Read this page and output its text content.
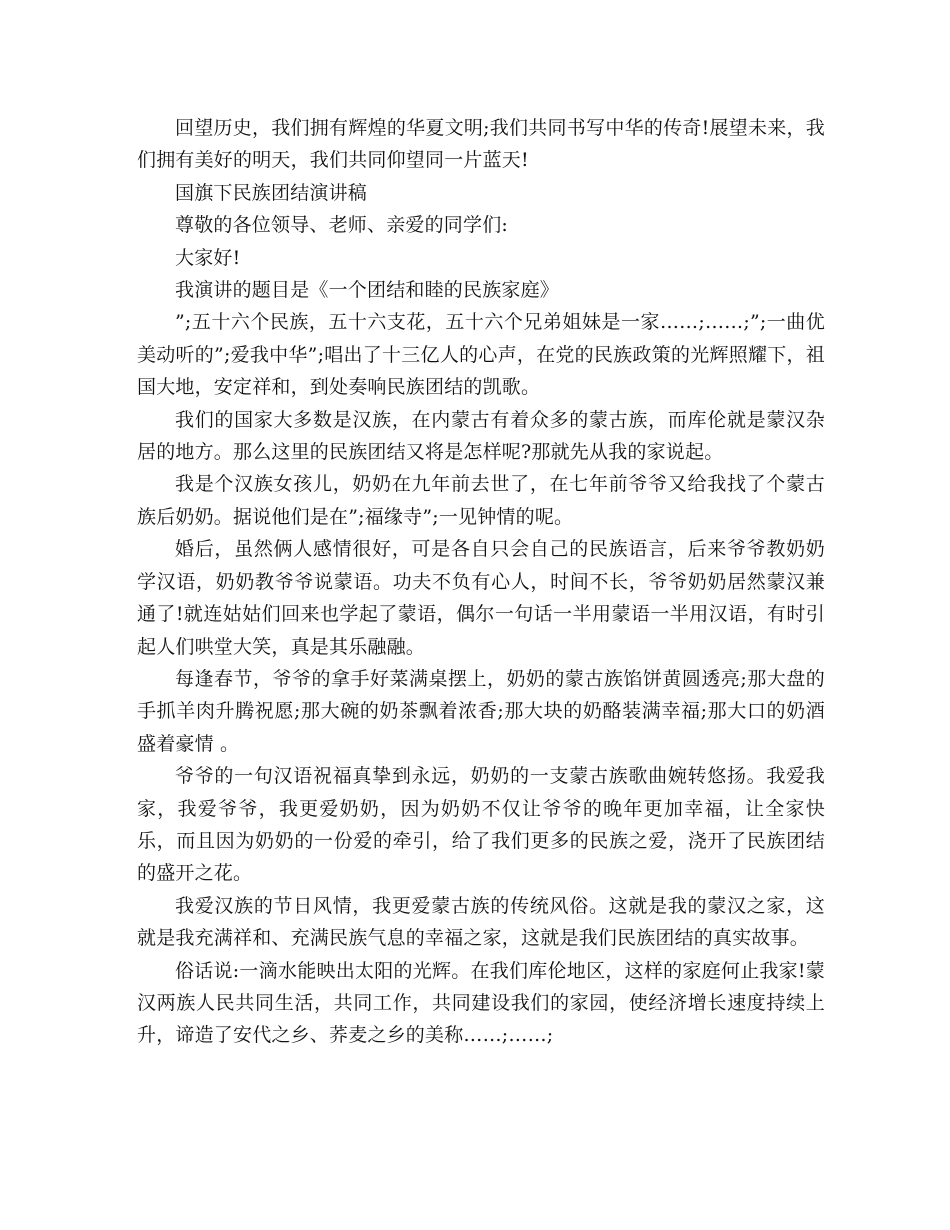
回望历史，我们拥有辉煌的华夏文明;我们共同书写中华的传奇!展望未来，我们拥有美好的明天，我们共同仰望同一片蓝天!

国旗下民族团结演讲稿

尊敬的各位领导、老师、亲爱的同学们:

大家好!

我演讲的题目是《一个团结和睦的民族家庭》

”;五十六个民族，五十六支花，五十六个兄弟姐妹是一家……;……;”;一曲优美动听的”;爱我中华”;唱出了十三亿人的心声，在党的民族政策的光辉照耀下，祖国大地，安定祥和，到处奏响民族团结的凯歌。

我们的国家大多数是汉族，在内蒙古有着众多的蒙古族，而库伦就是蒙汉杂居的地方。那么这里的民族团结又将是怎样呢?那就先从我的家说起。

我是个汉族女孩儿，奶奶在九年前去世了，在七年前爷爷又给我找了个蒙古族后奶奶。据说他们是在”;福缘寺”;一见钟情的呢。

婚后，虽然俩人感情很好，可是各自只会自己的民族语言，后来爷爷教奶奶学汉语，奶奶教爷爷说蒙语。功夫不负有心人，时间不长，爷爷奶奶居然蒙汉兼通了!就连姑姑们回来也学起了蒙语，偶尔一句话一半用蒙语一半用汉语，有时引起人们哄堂大笑，真是其乐融融。

每逢春节，爷爷的拿手好菜满桌摆上，奶奶的蒙古族馅饼黄圆透亮;那大盘的手抓羊肉升腾祝愿;那大碗的奶茶飘着浓香;那大块的奶酪装满幸福;那大口的奶酒盛着豪情 。

爷爷的一句汉语祝福真挚到永远，奶奶的一支蒙古族歌曲婉转悠扬。我爱我家，我爱爷爷，我更爱奶奶，因为奶奶不仅让爷爷的晚年更加幸福，让全家快乐，而且因为奶奶的一份爱的牵引，给了我们更多的民族之爱，浇开了民族团结的盛开之花。

我爱汉族的节日风情，我更爱蒙古族的传统风俗。这就是我的蒙汉之家，这就是我充满祥和、充满民族气息的幸福之家，这就是我们民族团结的真实故事。

俗话说:一滴水能映出太阳的光辉。在我们库伦地区，这样的家庭何止我家!蒙汉两族人民共同生活，共同工作，共同建设我们的家园，使经济增长速度持续上升，谛造了安代之乡、荞麦之乡的美称……;……;
